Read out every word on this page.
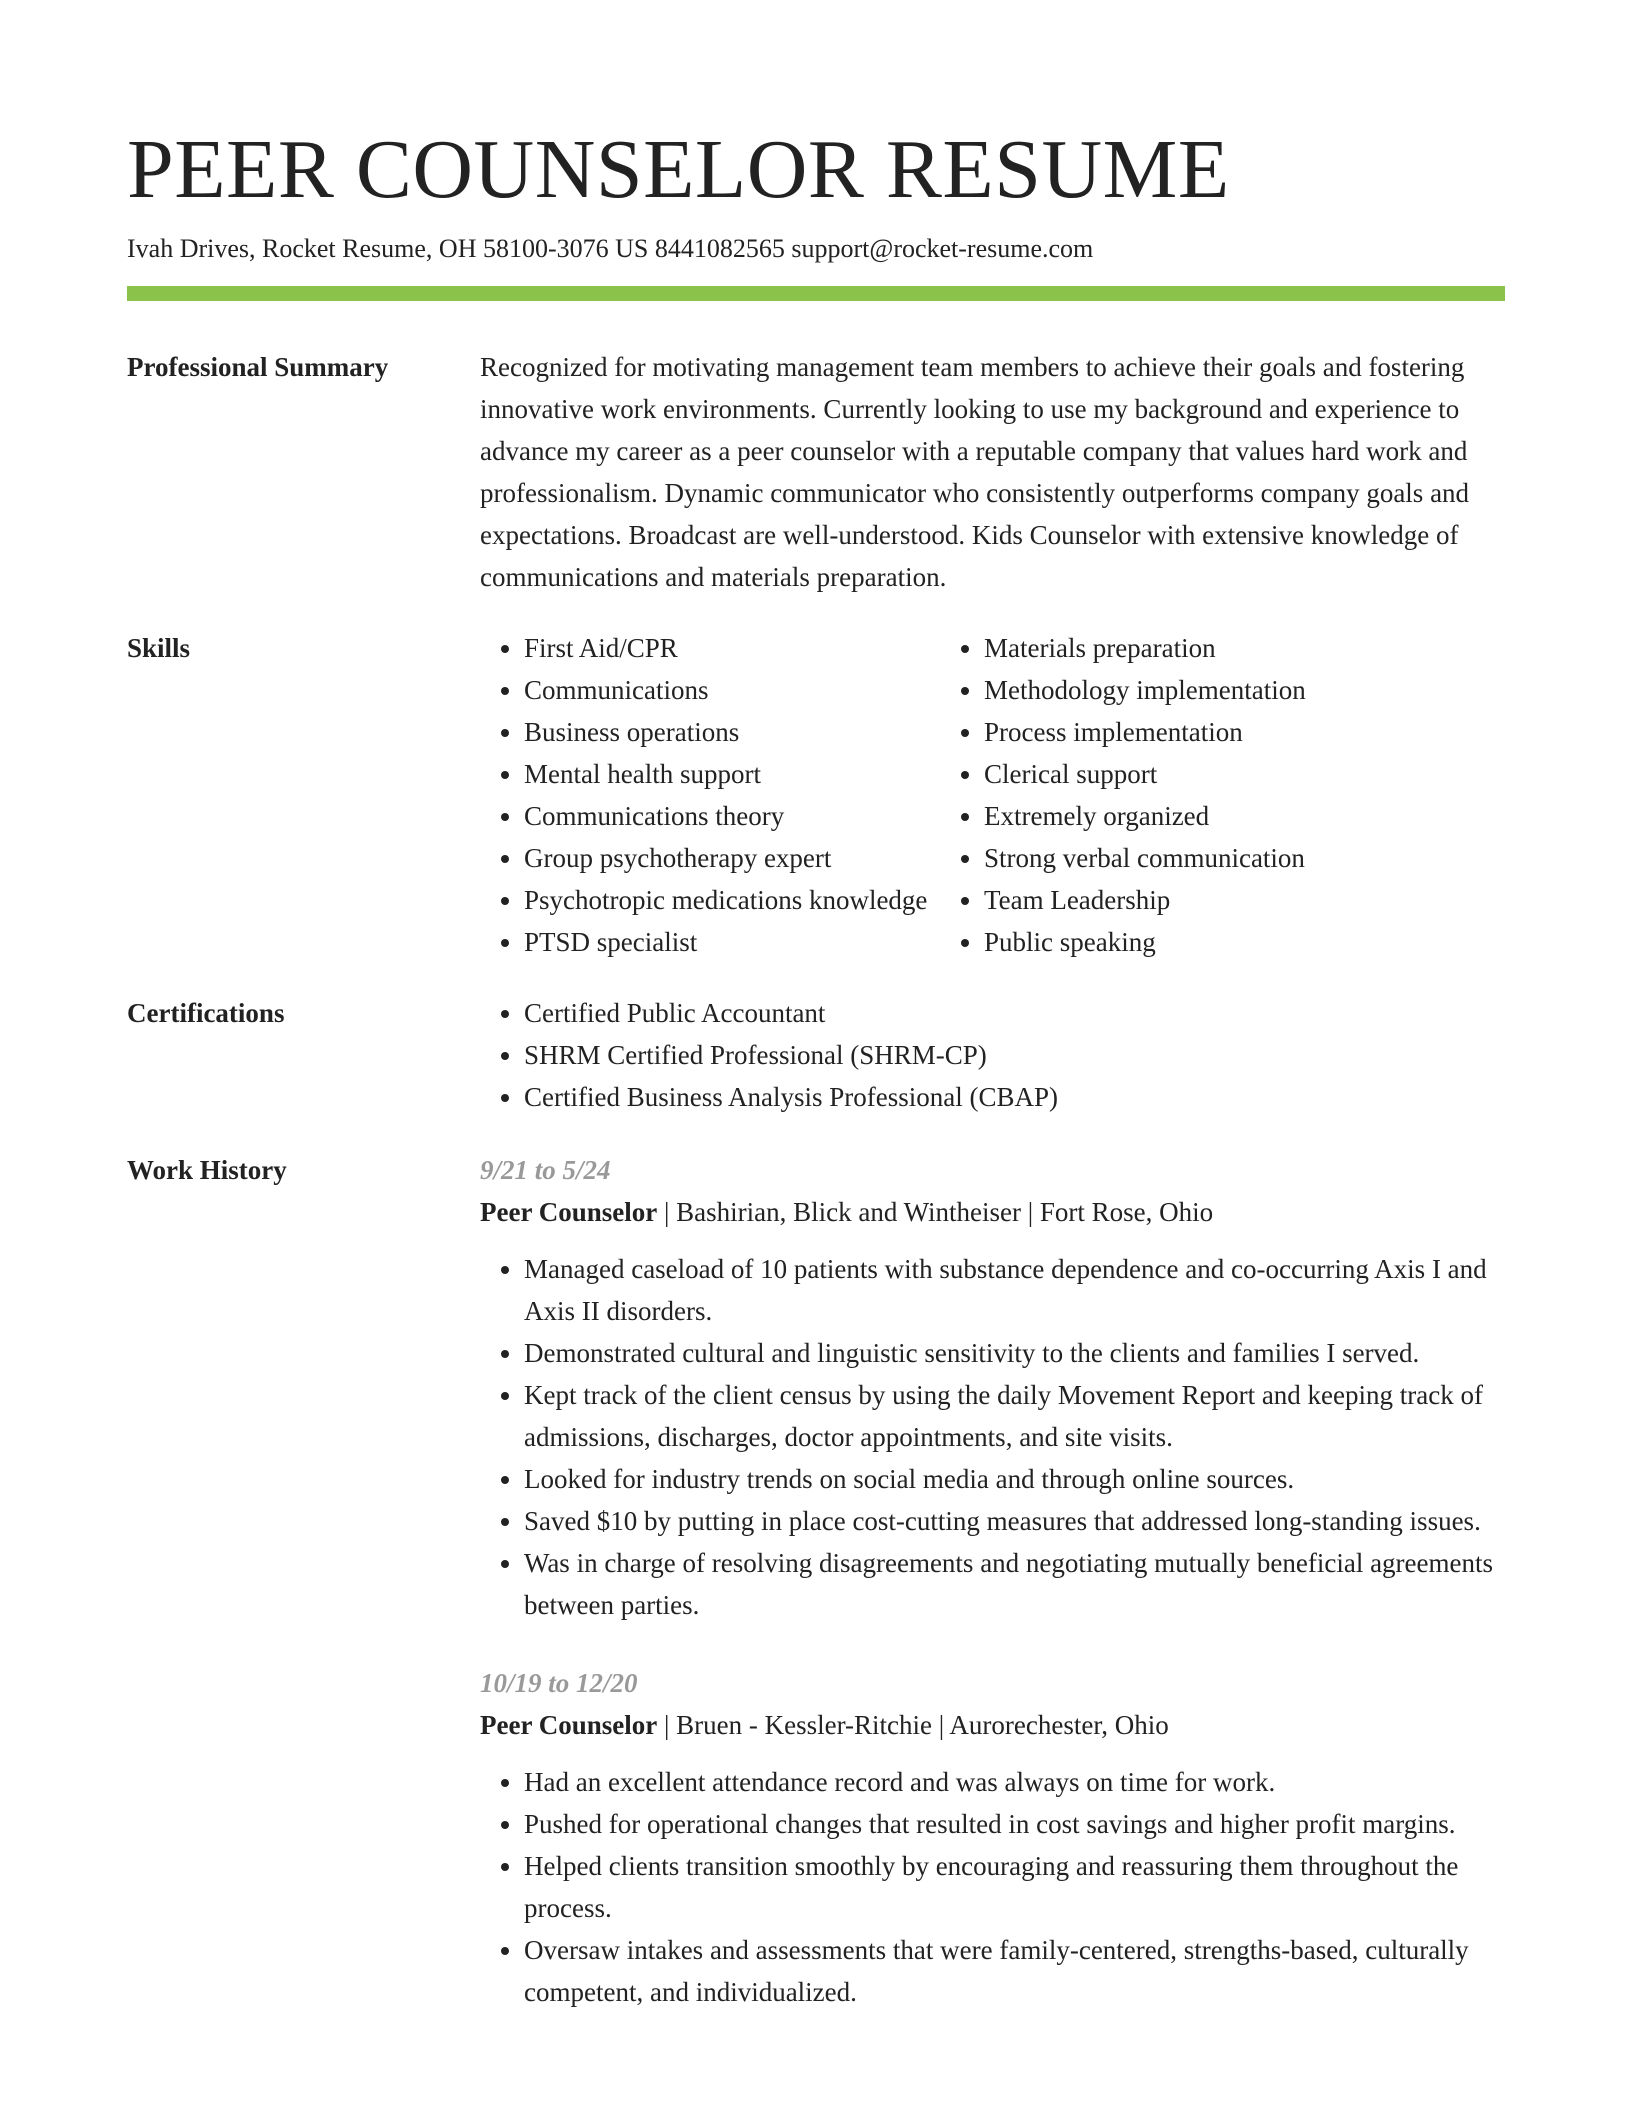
PEER COUNSELOR RESUME
Ivah Drives, Rocket Resume, OH 58100-3076 US 8441082565 support@rocket-resume.com
Professional Summary	Recognized for motivating management team members to achieve their goals and fostering innovative work environments. Currently looking to use my background and experience to advance my career as a peer counselor with a reputable company that values hard work and professionalism. Dynamic communicator who consistently outperforms company goals and expectations. Broadcast are well-understood. Kids Counselor with extensive knowledge of communications and materials preparation.

Skills	• First Aid/CPR
• Communications
• Business operations
• Mental health support
• Communications theory
• Group psychotherapy expert
• Psychotropic medications knowledge
• PTSD specialist
• Materials preparation
• Methodology implementation
• Process implementation
• Clerical support
• Extremely organized
• Strong verbal communication
• Team Leadership
• Public speaking
Certifications	• Certified Public Accountant
• SHRM Certified Professional (SHRM-CP)
• Certified Business Analysis Professional (CBAP)
Work History	9/21 to 5/24
Peer Counselor | Bashirian, Blick and Wintheiser | Fort Rose, Ohio
• Managed caseload of 10 patients with substance dependence and co-occurring Axis I and Axis II disorders.
• Demonstrated cultural and linguistic sensitivity to the clients and families I served.
• Kept track of the client census by using the daily Movement Report and keeping track of admissions, discharges, doctor appointments, and site visits.
• Looked for industry trends on social media and through online sources.
• Saved $10 by putting in place cost-cutting measures that addressed long-standing issues.
• Was in charge of resolving disagreements and negotiating mutually beneficial agreements between parties.
10/19 to 12/20
Peer Counselor | Bruen - Kessler-Ritchie | Aurorechester, Ohio
• Had an excellent attendance record and was always on time for work.
• Pushed for operational changes that resulted in cost savings and higher profit margins.
• Helped clients transition smoothly by encouraging and reassuring them throughout the process.
• Oversaw intakes and assessments that were family-centered, strengths-based, culturally competent, and individualized.
